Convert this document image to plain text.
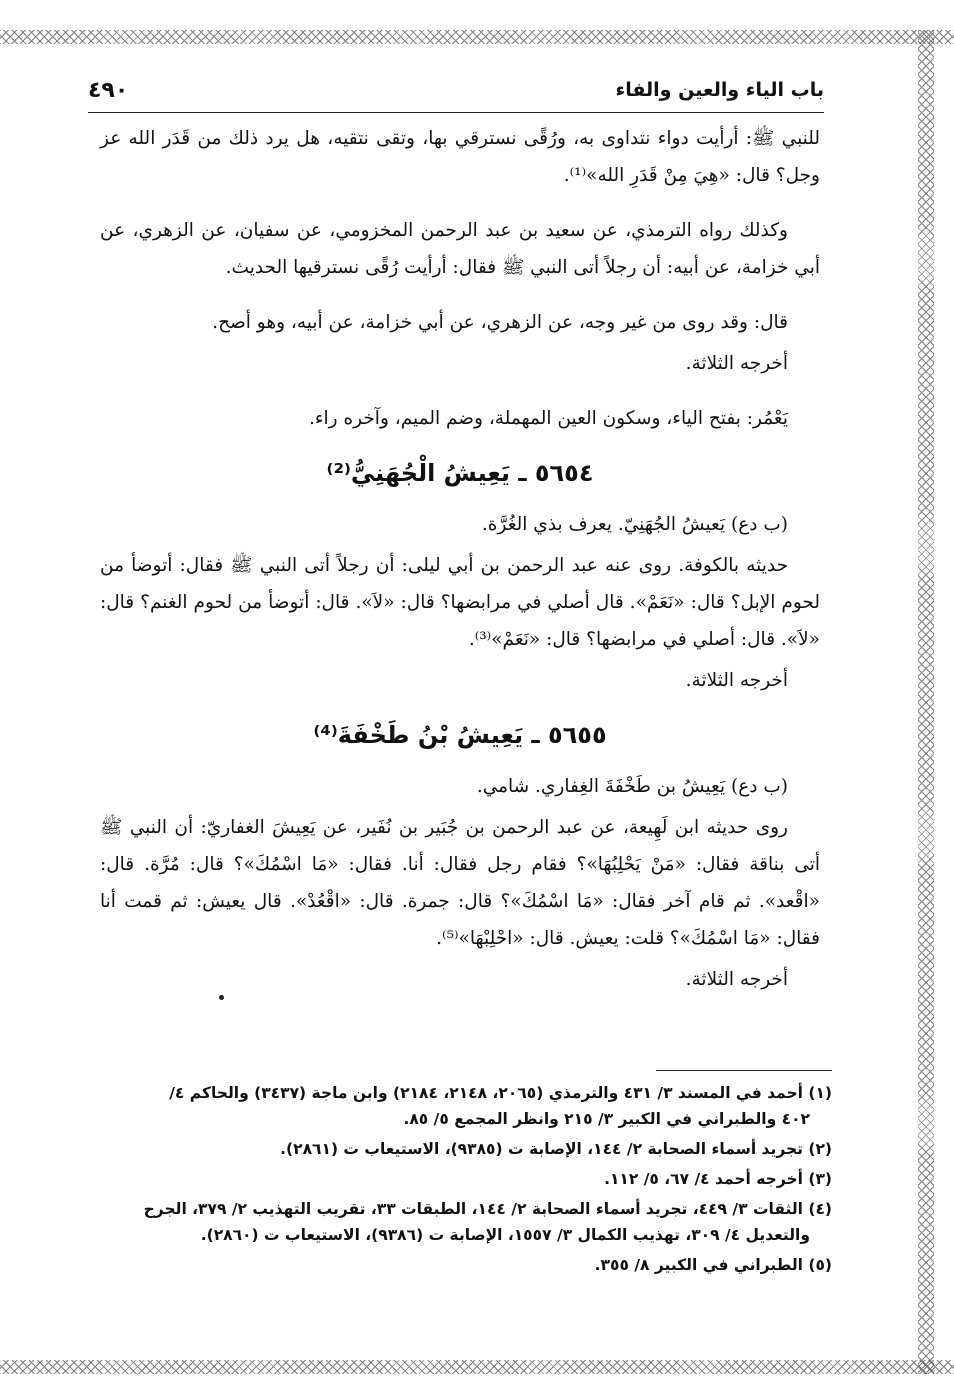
باب الياء والعين والفاء
٤٩٠

للنبي ﷺ: أرأيت دواء نتداوى به، ورُقًى نسترقي بها، وتقى نتقيه، هل يرد ذلك من قَدَر الله عز وجل؟ قال: «هِيَ مِنْ قَدَرِ الله»⁽¹⁾.

وكذلك رواه الترمذي، عن سعيد بن عبد الرحمن المخزومي، عن سفيان، عن الزهري، عن أبي خزامة، عن أبيه: أن رجلاً أتى النبي ﷺ فقال: أرأيت رُقًى نسترقيها الحديث.

قال: وقد روى من غير وجه، عن الزهري، عن أبي خزامة، عن أبيه، وهو أصح.

أخرجه الثلاثة.

يَعْمُر: بفتح الياء، وسكون العين المهملة، وضم الميم، وآخره راء.

٥٦٥٤ ـ يَعِيشُ الْجُهَنِيُّ⁽²⁾

(ب دع) يَعيشُ الجُهَنِيّ. يعرف بذي الغُرَّة.

حديثه بالكوفة. روى عنه عبد الرحمن بن أبي ليلى: أن رجلاً أتى النبي ﷺ فقال: أتوضأ من لحوم الإبل؟ قال: «نَعَمْ». قال أصلي في مرابضها؟ قال: «لاَ». قال: أتوضأ من لحوم الغنم؟ قال: «لاَ». قال: أصلي في مرابضها؟ قال: «نَعَمْ»⁽³⁾.

أخرجه الثلاثة.

٥٦٥٥ ـ يَعِيشُ بْنُ طَخْفَةَ⁽⁴⁾

(ب دع) يَعِيشُ بن طَخْفَةَ الغِفاري. شامي.

روى حديثه ابن لَهِيعة، عن عبد الرحمن بن جُبَير بن نُفَير، عن يَعِيشَ الغفاريّ: أن النبي ﷺ أتى بناقة فقال: «مَنْ يَحْلِبُهَا»؟ فقام رجل فقال: أنا. فقال: «مَا اسْمُكَ»؟ قال: مُرَّة. قال: «اقْعد». ثم قام آخر فقال: «مَا اسْمُكَ»؟ قال: جمرة. قال: «اقْعُدْ». قال يعيش: ثم قمت أنا فقال: «مَا اسْمُكَ»؟ قلت: يعيش. قال: «احْلِبْهَا»⁽⁵⁾.

أخرجه الثلاثة.

(١) أحمد في المسند ٣/ ٤٣١ والترمذي (٢٠٦٥، ٢١٤٨، ٢١٨٤) وابن ماجة (٣٤٣٧) والحاكم ٤/
٤٠٢ والطبراني في الكبير ٣/ ٢١٥ وانظر المجمع ٥/ ٨٥.

(٢) تجريد أسماء الصحابة ٢/ ١٤٤، الإصابة ت (٩٣٨٥)، الاستيعاب ت (٢٨٦١).

(٣) أخرجه أحمد ٤/ ٦٧، ٥/ ١١٢.

(٤) الثقات ٣/ ٤٤٩، تجريد أسماء الصحابة ٢/ ١٤٤، الطبقات ٣٣، تقريب التهذيب ٢/ ٣٧٩، الجرح
والتعديل ٤/ ٣٠٩، تهذيب الكمال ٣/ ١٥٥٧، الإصابة ت (٩٣٨٦)، الاستيعاب ت (٢٨٦٠).

(٥) الطبراني في الكبير ٨/ ٣٥٥.
